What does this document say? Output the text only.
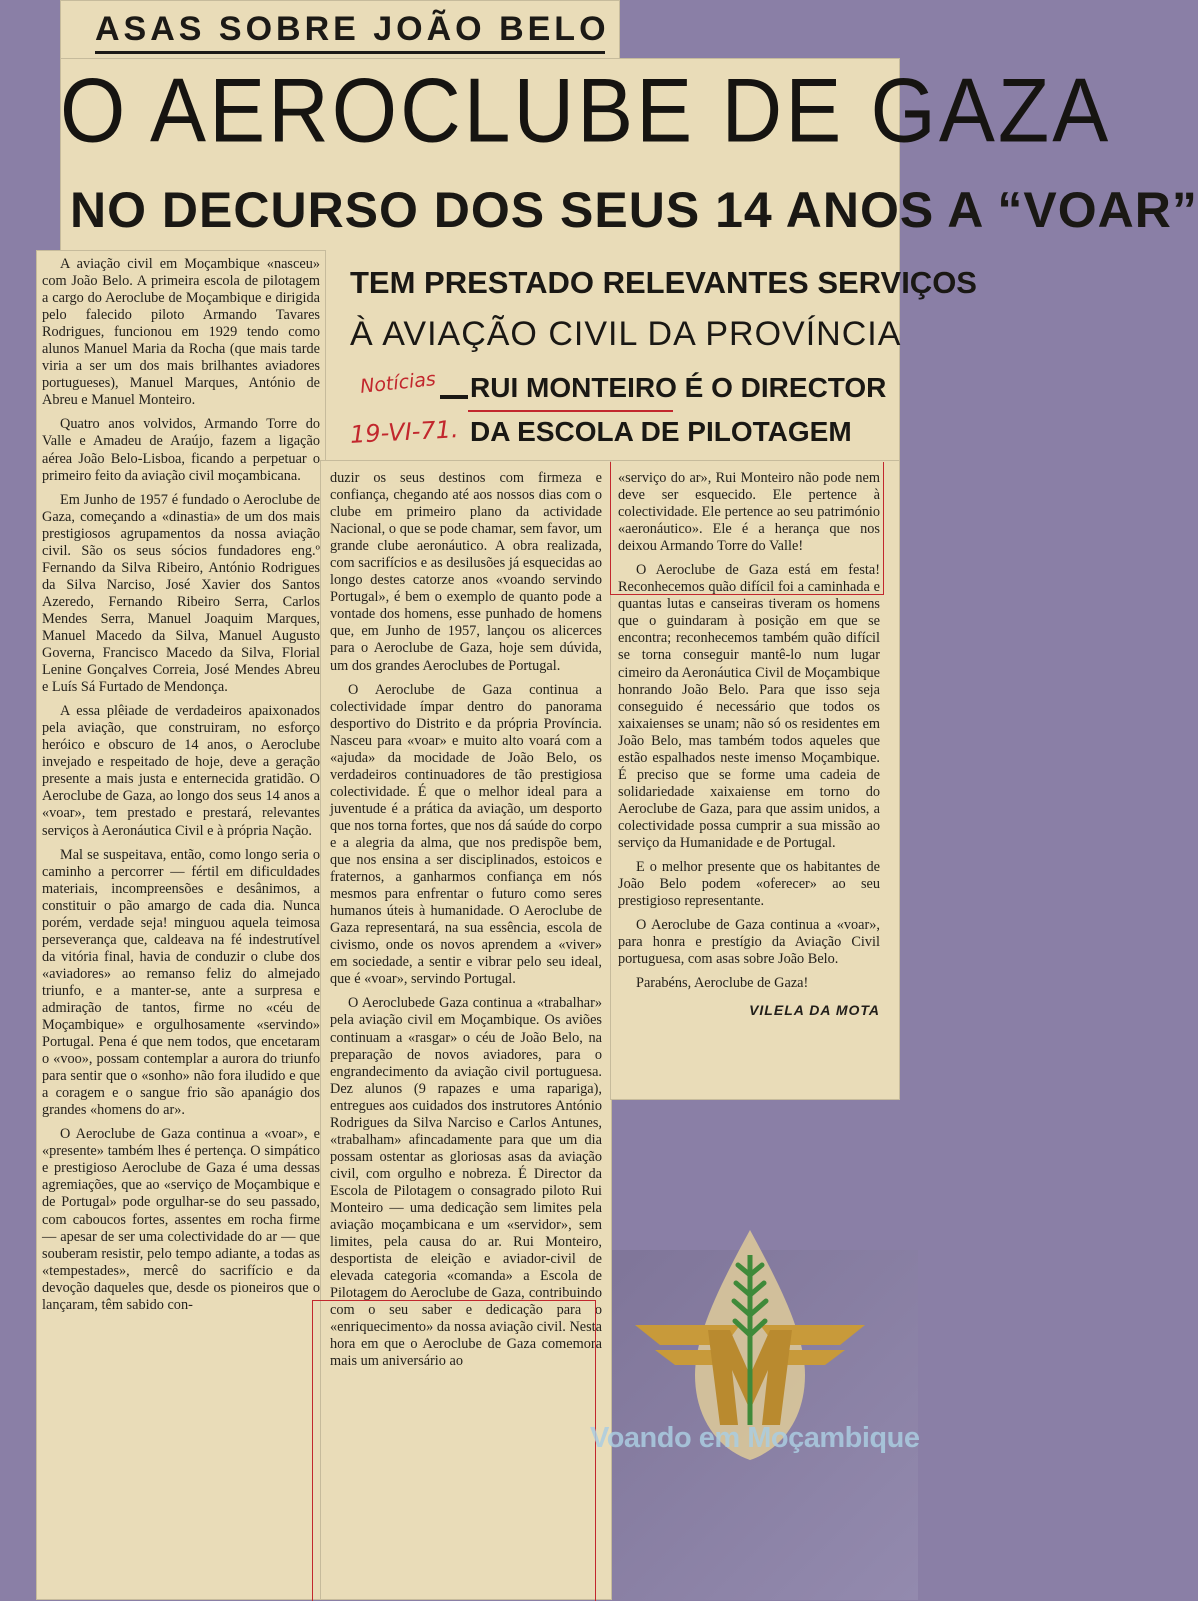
ASAS SOBRE JOÃO BELO
O AEROCLUBE DE GAZA
NO DECURSO DOS SEUS 14 ANOS A “VOAR”
TEM PRESTADO RELEVANTES SERVIÇOS
À AVIAÇÃO CIVIL DA PROVÍNCIA
RUI MONTEIRO É O DIRECTOR
DA ESCOLA DE PILOTAGEM
Notícias
19-VI-71.

A aviação civil em Moçambique «nasceu» com João Belo. A primeira escola de pilotagem a cargo do Aeroclube de Moçambique e dirigida pelo falecido piloto Armando Tavares Rodrigues, funcionou em 1929 tendo como alunos Manuel Maria da Rocha (que mais tarde viria a ser um dos mais brilhantes aviadores portugueses), Manuel Marques, António de Abreu e Manuel Monteiro.

Quatro anos volvidos, Armando Torre do Valle e Amadeu de Araújo, fazem a ligação aérea João Belo-Lisboa, ficando a perpetuar o primeiro feito da aviação civil moçambicana.

Em Junho de 1957 é fundado o Aeroclube de Gaza, começando a «dinastia» de um dos mais prestigiosos agrupamentos da nossa aviação civil. São os seus sócios fundadores eng.º Fernando da Silva Ribeiro, António Rodrigues da Silva Narciso, José Xavier dos Santos Azeredo, Fernando Ribeiro Serra, Carlos Mendes Serra, Manuel Joaquim Marques, Manuel Macedo da Silva, Manuel Augusto Governa, Francisco Macedo da Silva, Florial Lenine Gonçalves Correia, José Mendes Abreu e Luís Sá Furtado de Mendonça.

A essa plêiade de verdadeiros apaixonados pela aviação, que construiram, no esforço heróico e obscuro de 14 anos, o Aeroclube invejado e respeitado de hoje, deve a geração presente a mais justa e enternecida gratidão. O Aeroclube de Gaza, ao longo dos seus 14 anos a «voar», tem prestado e prestará, relevantes serviços à Aeronáutica Civil e à própria Nação.

Mal se suspeitava, então, como longo seria o caminho a percorrer — fértil em dificuldades materiais, incompreensões e desânimos, a constituir o pão amargo de cada dia. Nunca porém, verdade seja! minguou aquela teimosa perseverança que, caldeava na fé indestrutível da vitória final, havia de conduzir o clube dos «aviadores» ao remanso feliz do almejado triunfo, e a manter-se, ante a surpresa e admiração de tantos, firme no «céu de Moçambique» e orgulhosamente «servindo» Portugal. Pena é que nem todos, que encetaram o «voo», possam contemplar a aurora do triunfo para sentir que o «sonho» não fora iludido e que a coragem e o sangue frio são apanágio dos grandes «homens do ar».

O Aeroclube de Gaza continua a «voar», e «presente» também lhes é pertença. O simpático e prestigioso Aeroclube de Gaza é uma dessas agremiações, que ao «serviço de Moçambique e de Portugal» pode orgulhar-se do seu passado, com caboucos fortes, assentes em rocha firme — apesar de ser uma colectividade do ar — que souberam resistir, pelo tempo adiante, a todas as «tempestades», mercê do sacrifício e da devoção daqueles que, desde os pioneiros que o lançaram, têm sabido con-

duzir os seus destinos com firmeza e confiança, chegando até aos nossos dias com o clube em primeiro plano da actividade Nacional, o que se pode chamar, sem favor, um grande clube aeronáutico. A obra realizada, com sacrifícios e as desilusões já esquecidas ao longo destes catorze anos «voando servindo Portugal», é bem o exemplo de quanto pode a vontade dos homens, esse punhado de homens que, em Junho de 1957, lançou os alicerces para o Aeroclube de Gaza, hoje sem dúvida, um dos grandes Aeroclubes de Portugal.

O Aeroclube de Gaza continua a colectividade ímpar dentro do panorama desportivo do Distrito e da própria Província. Nasceu para «voar» e muito alto voará com a «ajuda» da mocidade de João Belo, os verdadeiros continuadores de tão prestigiosa colectividade. É que o melhor ideal para a juventude é a prática da aviação, um desporto que nos torna fortes, que nos dá saúde do corpo e a alegria da alma, que nos predispõe bem, que nos ensina a ser disciplinados, estoicos e fraternos, a ganharmos confiança em nós mesmos para enfrentar o futuro como seres humanos úteis à humanidade. O Aeroclube de Gaza representará, na sua essência, escola de civismo, onde os novos aprendem a «viver» em sociedade, a sentir e vibrar pelo seu ideal, que é «voar», servindo Portugal.

O Aeroclubede Gaza continua a «trabalhar» pela aviação civil em Moçambique. Os aviões continuam a «rasgar» o céu de João Belo, na preparação de novos aviadores, para o engrandecimento da aviação civil portuguesa. Dez alunos (9 rapazes e uma rapariga), entregues aos cuidados dos instrutores António Rodrigues da Silva Narciso e Carlos Antunes, «trabalham» afincadamente para que um dia possam ostentar as gloriosas asas da aviação civil, com orgulho e nobreza. É Director da Escola de Pilotagem o consagrado piloto Rui Monteiro — uma dedicação sem limites pela aviação moçambicana e um «servidor», sem limites, pela causa do ar. Rui Monteiro, desportista de eleição e aviador-civil de elevada categoria «comanda» a Escola de Pilotagem do Aeroclube de Gaza, contribuindo com o seu saber e dedicação para o «enriquecimento» da nossa aviação civil. Nesta hora em que o Aeroclube de Gaza comemora mais um aniversário ao

«serviço do ar», Rui Monteiro não pode nem deve ser esquecido. Ele pertence à colectividade. Ele pertence ao seu património «aeronáutico». Ele é a herança que nos deixou Armando Torre do Valle!

O Aeroclube de Gaza está em festa! Reconhecemos quão difícil foi a caminhada e quantas lutas e canseiras tiveram os homens que o guindaram à posição em que se encontra; reconhecemos também quão difícil se torna conseguir mantê-lo num lugar cimeiro da Aeronáutica Civil de Moçambique honrando João Belo. Para que isso seja conseguido é necessário que todos os xaixaienses se unam; não só os residentes em João Belo, mas também todos aqueles que estão espalhados neste imenso Moçambique. É preciso que se forme uma cadeia de solidariedade xaixaiense em torno do Aeroclube de Gaza, para que assim unidos, a colectividade possa cumprir a sua missão ao serviço da Humanidade e de Portugal.

E o melhor presente que os habitantes de João Belo podem «oferecer» ao seu prestigioso representante.

O Aeroclube de Gaza continua a «voar», para honra e prestígio da Aviação Civil portuguesa, com asas sobre João Belo.

Parabéns, Aeroclube de Gaza!

VILELA DA MOTA
Voando em Moçambique
